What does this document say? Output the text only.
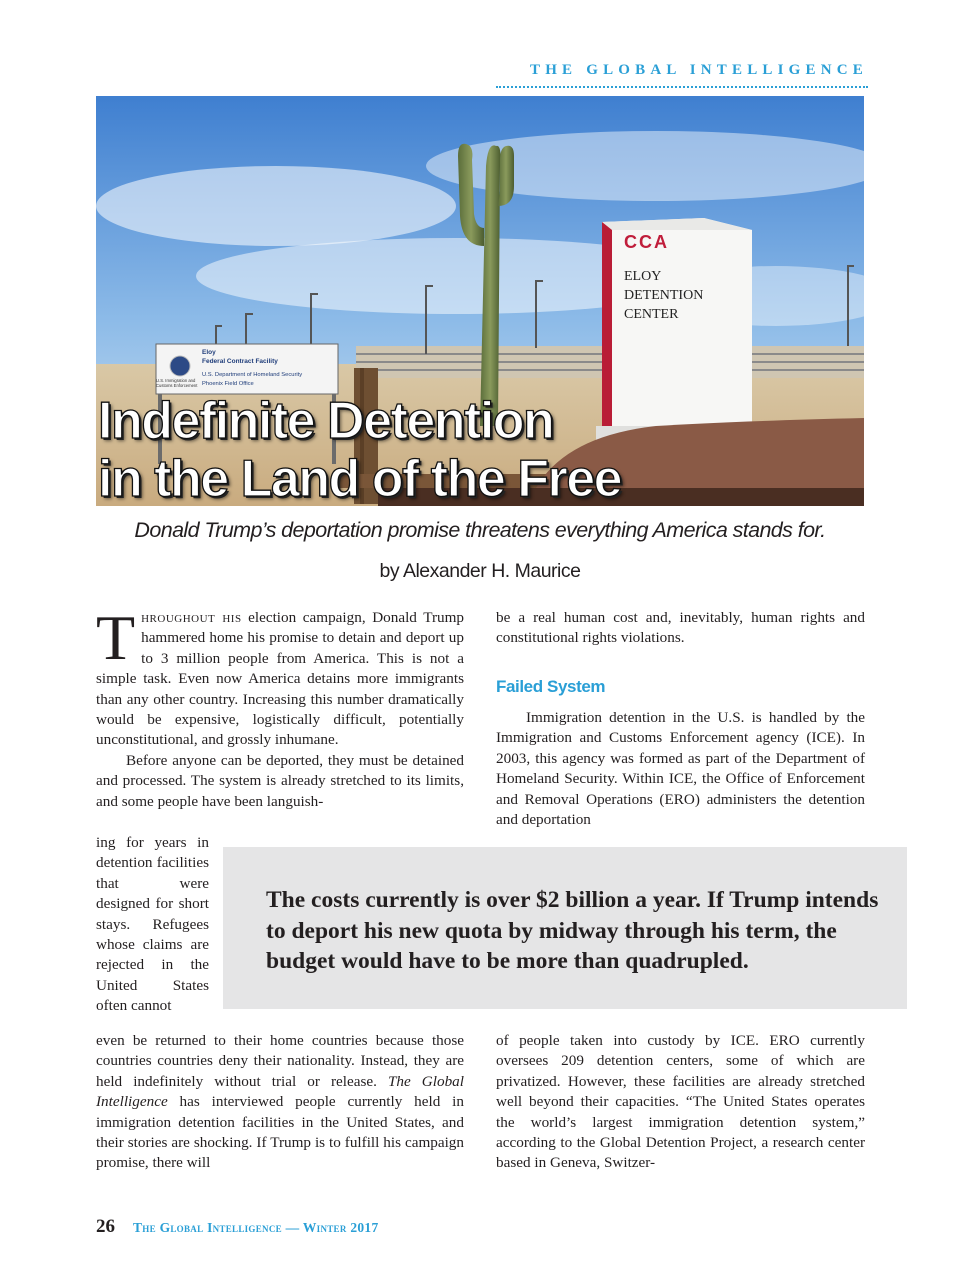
THE GLOBAL INTELLIGENCE
U.S. Immigration and
Customs Enforcement
Eloy
Federal Contract Facility
U.S. Department of Homeland Security
Phoenix Field Office
CCA
ELOY
DETENTION
CENTER
Indefinite Detention
in the Land of the Free

Donald Trump’s deportation promise threatens everything America stands for.

by Alexander H. Maurice

Throughout his election campaign, Donald Trump hammered home his promise to detain and deport up to 3 million people from America. This is not a simple task. Even now America detains more immigrants than any other country. Increasing this number dramatically would be expensive, logistically difficult, potentially unconstitutional, and grossly inhumane.

Before anyone can be deported, they must be detained and processed. The system is already stretched to its limits, and some people have been languish-

ing for years in detention facilities that were designed for short stays. Refugees whose claims are rejected in the United States often cannot

even be returned to their home countries because those countries countries deny their nationality. Instead, they are held indefinitely without trial or release. The Global Intelligence has interviewed people currently held in immigration detention facilities in the United States, and their stories are shocking. If Trump is to fulfill his campaign promise, there will

be a real human cost and, inevitably, human rights and constitutional rights violations.

Failed System

Immigration detention in the U.S. is handled by the Immigration and Customs Enforcement agency (ICE). In 2003, this agency was formed as part of the Department of Homeland Security. Within ICE, the Office of Enforcement and Removal Operations (ERO) administers the detention and deportation

of people taken into custody by ICE. ERO currently oversees 209 detention centers, some of which are privatized. However, these facilities are already stretched well beyond their capacities. “The United States operates the world’s largest immigration detention system,” according to the Global Detention Project, a research center based in Geneva, Switzer-

The costs currently is over $2 billion a year. If Trump intends to deport his new quota by midway through his term, the budget would have to be more than quadrupled.

26 The Global Intelligence — Winter 2017
